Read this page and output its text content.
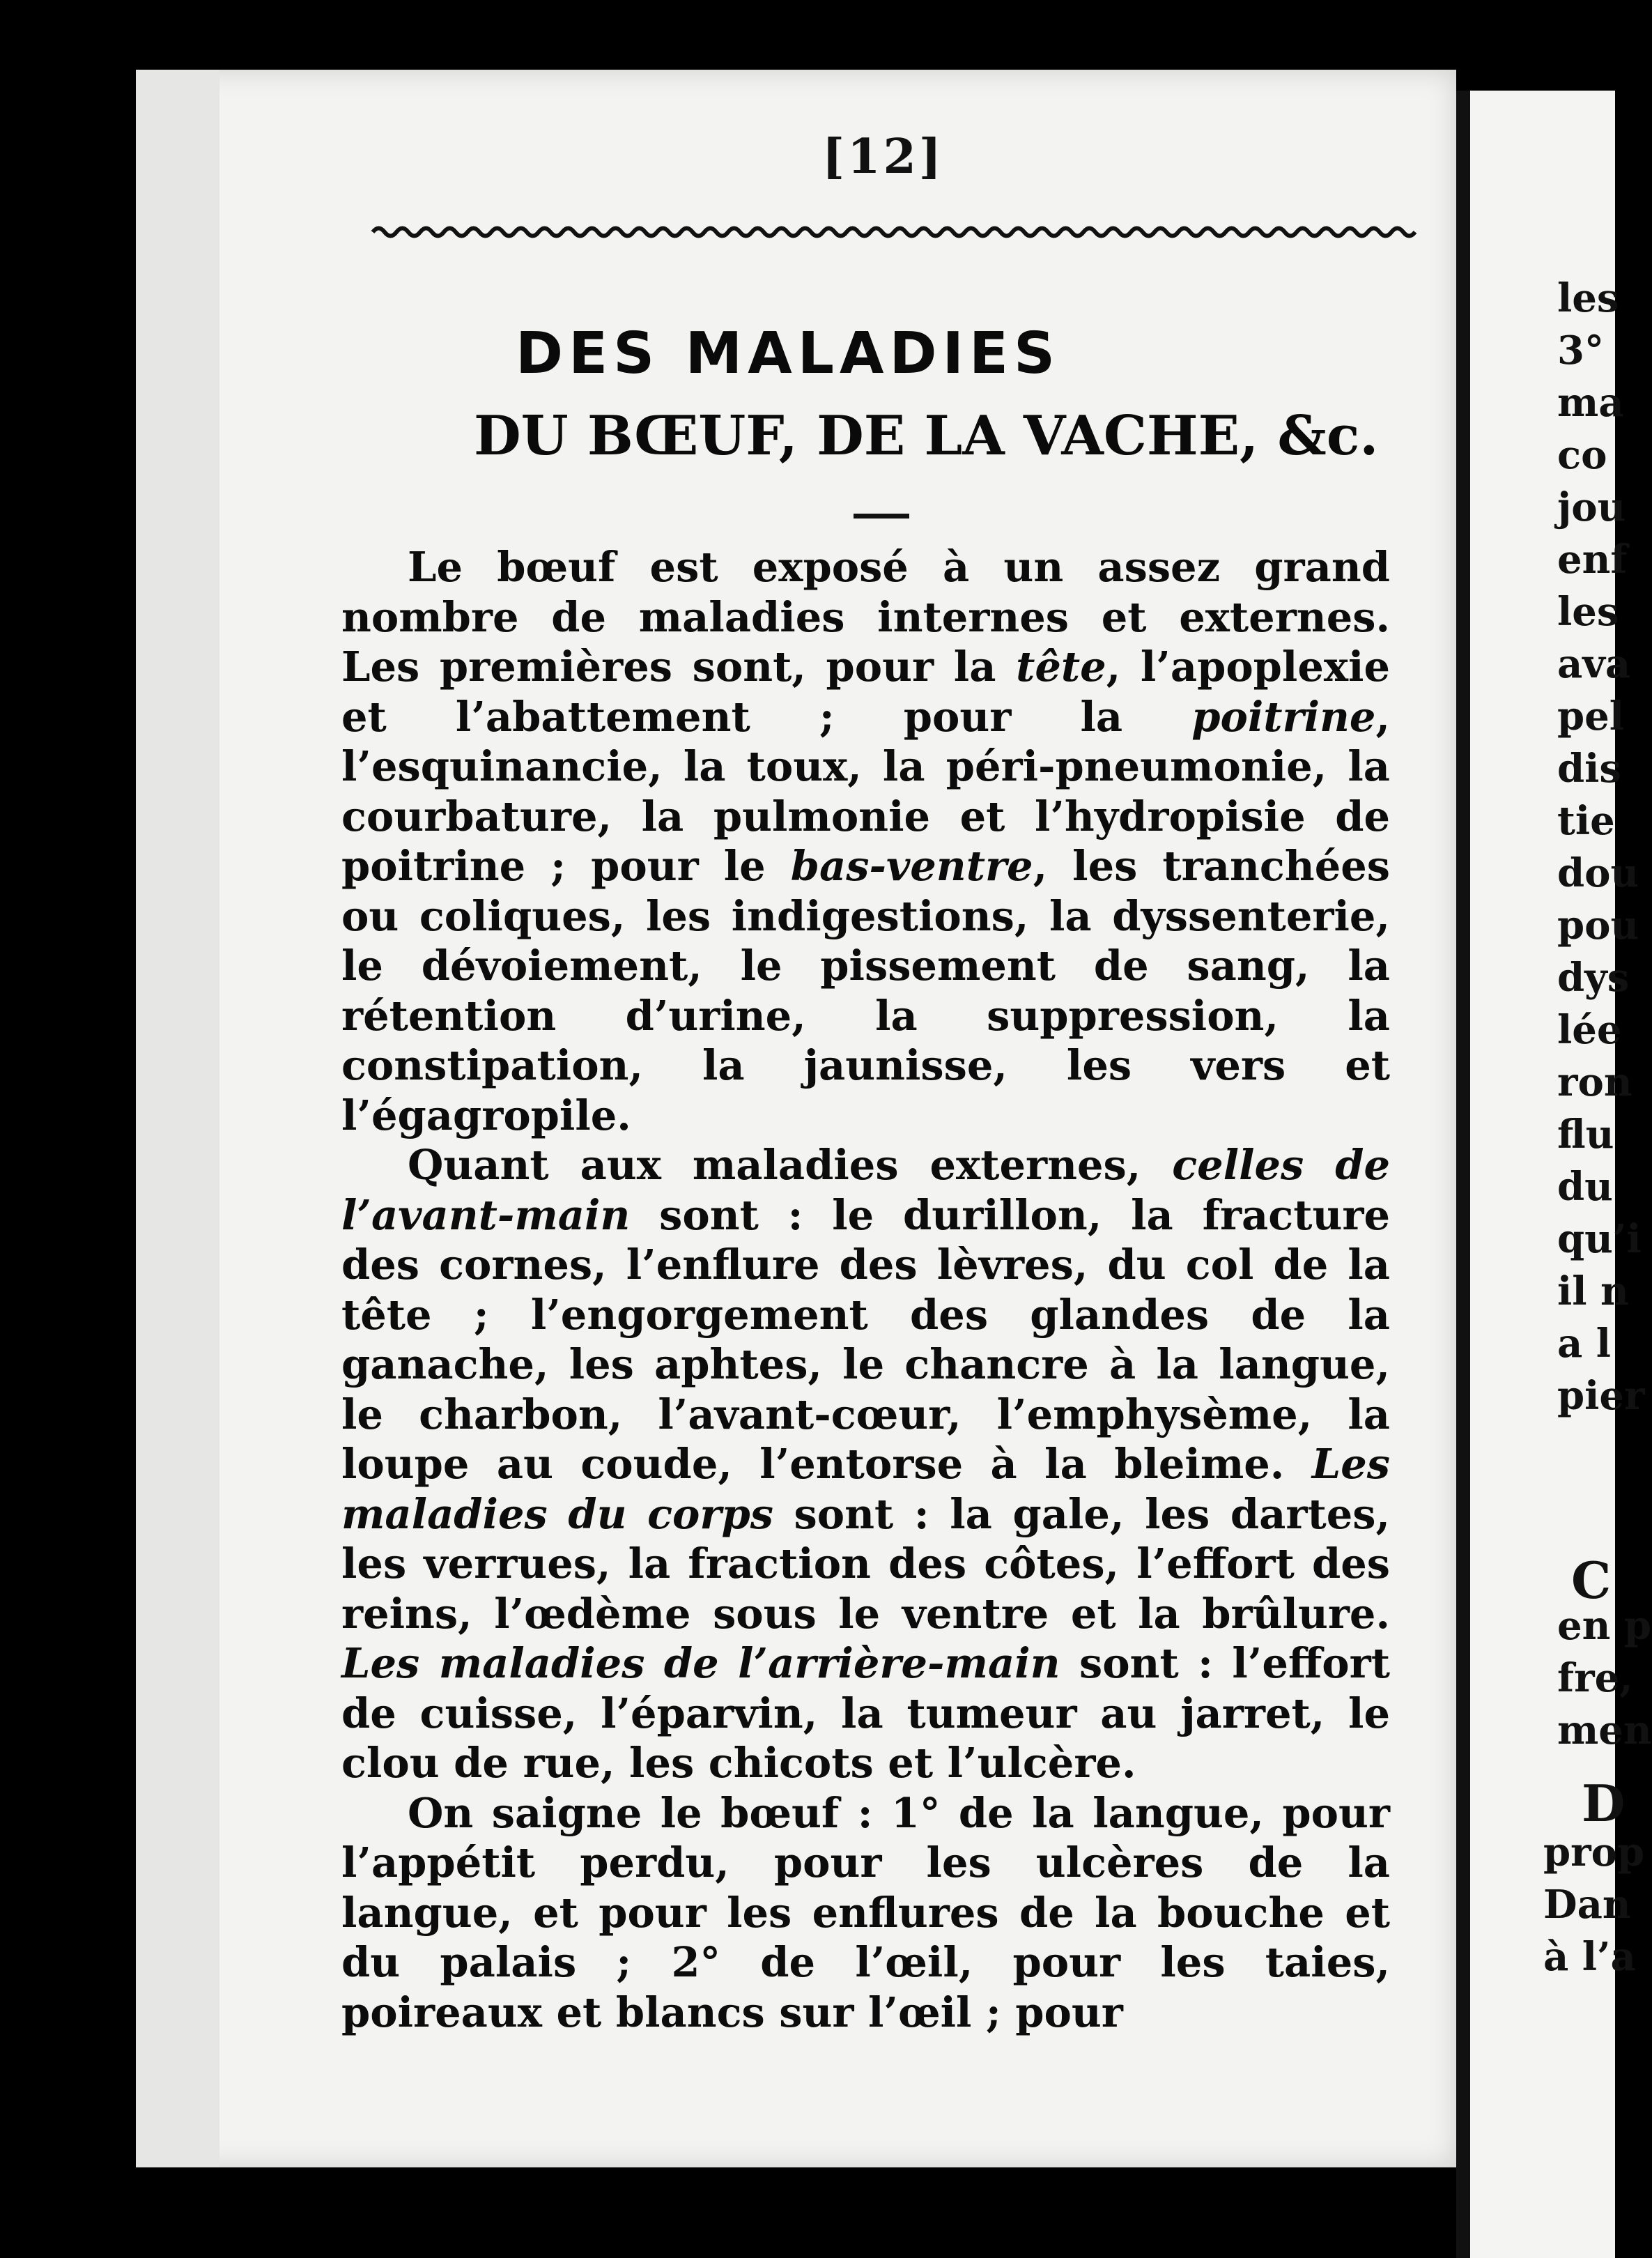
[12]
DES MALADIES
DU BŒUF, DE LA VACHE, &c.

Le bœuf est exposé à un assez grand nombre de maladies internes et externes. Les premières sont, pour la tête, l’apoplexie et l’abattement ; pour la poitrine, l’esquinancie, la toux, la péri-pneumonie, la courbature, la pulmonie et l’hydropisie de poitrine ; pour le bas-ventre, les tranchées ou coliques, les indigestions, la dyssenterie, le dévoiement, le pissement de sang, la rétention d’urine, la suppression, la constipation, la jaunisse, les vers et l’égagropile.

Quant aux maladies externes, celles de l’avant-main sont : le durillon, la fracture des cornes, l’enflure des lèvres, du col de la tête ; l’engorgement des glandes de la ganache, les aphtes, le chancre à la langue, le charbon, l’avant-cœur, l’emphysème, la loupe au coude, l’entorse à la bleime. Les maladies du corps sont : la gale, les dartes, les verrues, la fraction des côtes, l’effort des reins, l’œdème sous le ventre et la brûlure. Les maladies de l’arrière-main sont : l’effort de cuisse, l’éparvin, la tumeur au jarret, le clou de rue, les chicots et l’ulcère.

On saigne le bœuf : 1° de la langue, pour l’appétit perdu, pour les ulcères de la langue, et pour les enflures de la bouche et du palais ; 2° de l’œil, pour les taies, poireaux et blancs sur l’œil ; pour

les
3°
ma
co
jou
enf
les
ava
pel
dis
tie
dou
pou
dys
lée
ron
flu
du
qu’i
il n
a l
pier
C
en p
fre,
men
D
prop
Dan
à l’a
